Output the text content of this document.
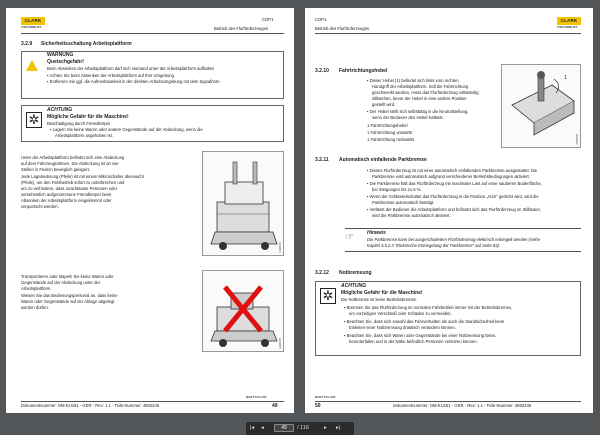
CLARK
THE FORKLIFT
COP1
Betrieb des Flurförderzeuges
3.2.9 Sicherheitsschaltung Arbeitsplattform
WARNUNG
Quetschgefahr!
Beim Absenken der Arbeitsplattform darf sich niemand unter der Arbeitsplattform aufhalten
▪ Achten Sie beim Absenken der Arbeitsplattform auf Ihre Umgebung.
▪ Entfernen Sie ggf. die Aufmerksamkeit in der direkten Arbeitsumgebung mit dem Signalhorn
✲
ACHTUNG
Mögliche Gefahr für die Maschine!
Beschädigung durch Fremdkörper
▪ Lagern Sie keine Waren oder andere Gegenstände auf der Abdeckung, wenn die
Arbeitsplattform angehoben ist.
Unter der Arbeitsplattform befindet sich eine Abdeckung
auf dem Fahrzeugrahmen. Die Abdeckung ist an vier
Stellen in Federn beweglich gelagert.
Jede Lageänderung (Pfeile) ist mit einem Mikroschalter überwacht
(Pfeile), um den Fahrbetrieb sofort zu unterbrechen und
um zu verhindern, dass unachtsame Personen oder
versehentlich aufgenommene Fremdkörper beim
Absenken der Arbeitsplattform eingeklemmt oder
zerquetscht werden.
G00054
Transportieren oder stapeln Sie keine Waren oder
Gegenstände auf der Abdeckung unter der
Arbeitsplattform.
Weisen Sie das Bedienungspersonal an, dass keine
Waren oder Gegenstände auf der Ablage abgelegt
werden dürfen.
G00055
BUILT TO LAST
Dokumentnummer: OM-EU191 - GER - Rev: 1.1 - Teile-Nummer: 4582245	49
COP1
Betrieb des Flurförderzeuges
CLARK
THE FORKLIFT
3.2.10 Fahrtrichtungshebel
▪ Dieser Hebel (1) befindet sich links vom rechten
Handgriff der Arbeitsplattform. Soll die Fahrtrichtung
geschwenkt werden, muss das Flurförderzeug vollständig
stillstehen, bevor der Hebel in eine andere Position
gestellt wird.
▪ Der Hebel stellt sich selbsttätig in die Neutralstellung,
wenn der Bediener den Hebel loslässt.
1 Fahrtrichtungshebel
1 Fahrtrichtung vorwärts
1 Fahrtrichtung rückwärts
1
G00062
3.2.11 Automatisch einfallende Parkbremse
▪ Dieses Flurförderzeug ist mit einer automatisch einfallenden Parkbremse ausgestattet. Die
Parkbremse wird automatisch aufgrund verschiedener Betriebsbedingungen aktiviert.
▪ Die Parkbremse hält das Flurförderzeug mit maximaler Last auf einer sauberen Bodenfläche,
bei Steigungen bis zu 5 %.
▪ Wenn der Schlüsselschalter das Flurförderzeug in die Position „AUS" gedreht wird, wird die
Parkbremse automatisch betätigt.
▪ Verlässt der Bediener die Arbeitsplattform und befindet sich das Flurförderzeug im Stillstand,
wird die Parkbremse automatisch aktiviert.
☞	Hinweis
Die Parkbremse kann bei ausgeschaltetem Flurförderzeug elektrisch entriegelt werden (siehe
Kapitel 3.5.2.3 "Elektrische Entriegelung der Parkbremse" auf Seite 83).
3.2.12 Notbremsung
✲
ACHTUNG
Mögliche Gefahr für die Maschine!
Die Notbremse ist keine Betriebsbremse.
▪ Bremsen Sie das Flurförderzeug im normalen Fahrbetrieb immer mit der Betriebsbremse,
um vorzeitigen Verschleiß oder Schäden zu vermeiden.
▪ Beachten Sie, dass sich sowohl das Fahrverhalten als auch die Standsicherheit beim
Einleiten einer Notbremsung drastisch verändern können.
▪ Beachten Sie, dass sich Waren oder Gegenstände bei einer Notbremsung lösen,
herunterfallen und in der Nähe befindlich Personen verletzen können.
BUILT TO LAST
50	Dokumentnummer: OM-EU191 - GER - Rev: 1.1 - Teile-Nummer: 4582245
|◂ ◂	49	/ 116	▸ ▸|
